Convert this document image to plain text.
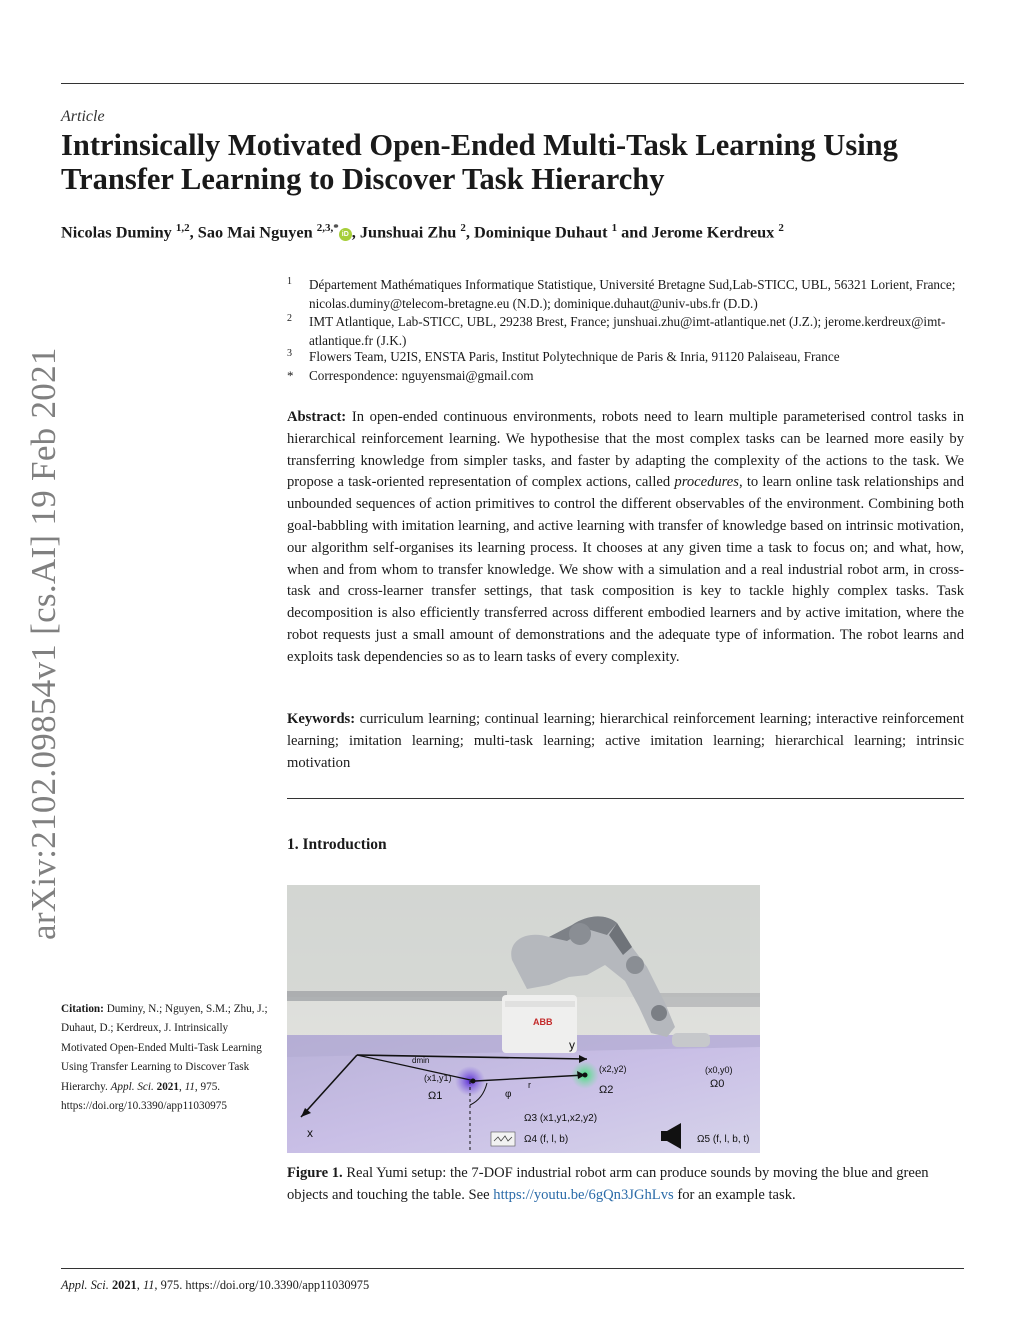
arXiv:2102.09854v1 [cs.AI] 19 Feb 2021
Article
Intrinsically Motivated Open-Ended Multi-Task Learning Using Transfer Learning to Discover Task Hierarchy
Nicolas Duminy $^{1,2}$, Sao Mai Nguyen $^{2,3,*}$iD , Junshuai Zhu $^2$, Dominique Duhaut $^1$ and Jerome Kerdreux $^2$
1 Département Mathématiques Informatique Statistique, Université Bretagne Sud,Lab-STICC, UBL, 56321 Lorient, France; nicolas.duminy@telecom-bretagne.eu (N.D.); dominique.duhaut@univ-ubs.fr (D.D.)
2 IMT Atlantique, Lab-STICC, UBL, 29238 Brest, France; junshuai.zhu@imt-atlantique.net (J.Z.); jerome.kerdreux@imt-atlantique.fr (J.K.)
3 Flowers Team, U2IS, ENSTA Paris, Institut Polytechnique de Paris & Inria, 91120 Palaiseau, France
* Correspondence: nguyensmai@gmail.com

Abstract: In open-ended continuous environments, robots need to learn multiple parameterised control tasks in hierarchical reinforcement learning. We hypothesise that the most complex tasks can be learned more easily by transferring knowledge from simpler tasks, and faster by adapting the complexity of the actions to the task. We propose a task-oriented representation of complex actions, called procedures, to learn online task relationships and unbounded sequences of action primitives to control the different observables of the environment. Combining both goal-babbling with imitation learning, and active learning with transfer of knowledge based on intrinsic motivation, our algorithm self-organises its learning process. It chooses at any given time a task to focus on; and what, how, when and from whom to transfer knowledge. We show with a simulation and a real industrial robot arm, in cross-task and cross-learner transfer settings, that task composition is key to tackle highly complex tasks. Task decomposition is also efficiently transferred across different embodied learners and by active imitation, where the robot requests just a small amount of demonstrations and the adequate type of information. The robot learns and exploits task dependencies so as to learn tasks of every complexity.

Keywords: curriculum learning; continual learning; hierarchical reinforcement learning; interactive reinforcement learning; imitation learning; multi-task learning; active imitation learning; hierarchical learning; intrinsic motivation

1. Introduction
ABB
y
x
dmin
(x1,y1)
Ω1	φ
r
(x2,y2)
Ω2
(x0,y0)
Ω0
Ω3 (x1,y1,x2,y2)
Ω4 (f, l, b)	Ω5 (f, l, b, t)

Figure 1. Real Yumi setup: the 7-DOF industrial robot arm can produce sounds by moving the blue and green objects and touching the table. See https://youtu.be/6gQn3JGhLvs for an example task.

Citation: Duminy, N.; Nguyen, S.M.; Zhu, J.; Duhaut, D.; Kerdreux, J. Intrinsically Motivated Open-Ended Multi-Task Learning Using Transfer Learning to Discover Task Hierarchy. Appl. Sci. 2021, 11, 975.
https://doi.org/10.3390/app11030975
Appl. Sci. 2021, 11, 975. https://doi.org/10.3390/app11030975
